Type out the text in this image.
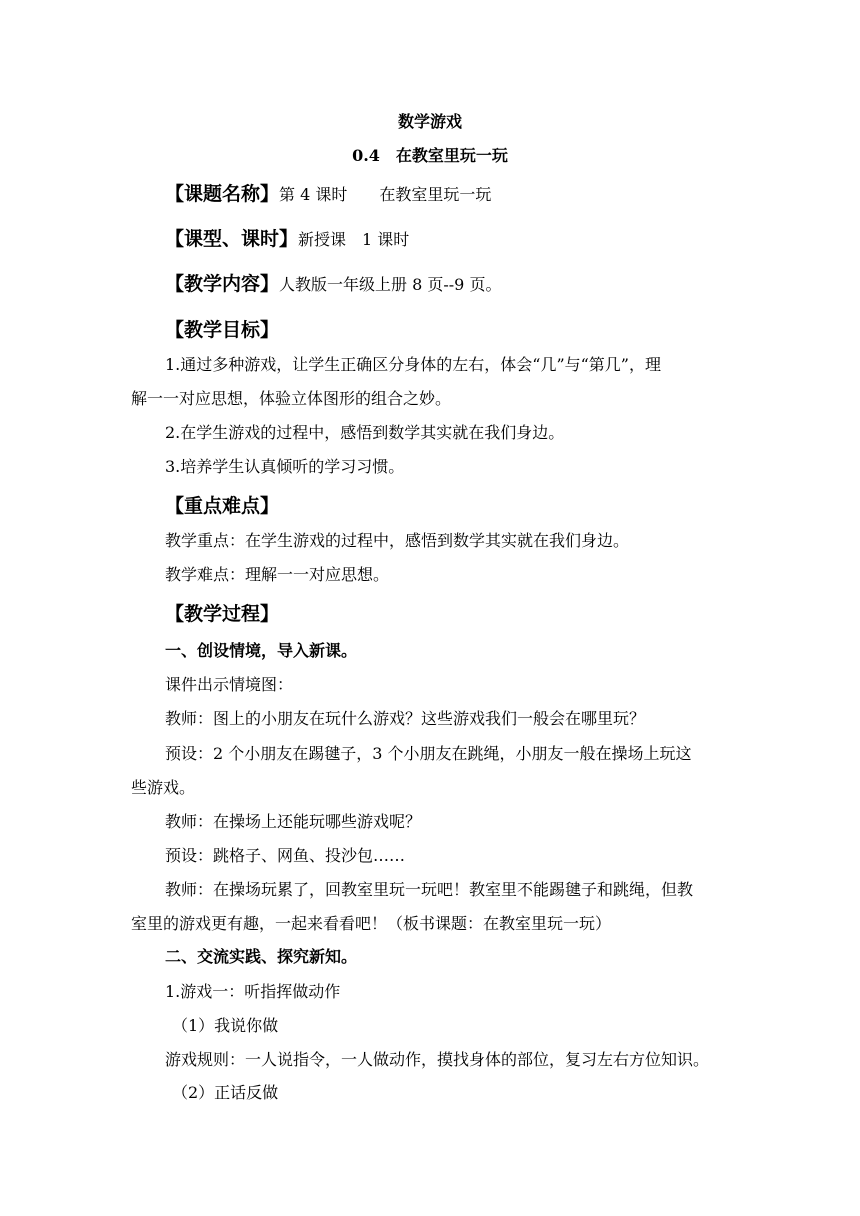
数学游戏
0.4　在教室里玩一玩
【课题名称】第 4 课时　　在教室里玩一玩
【课型、课时】新授课　1 课时
【教学内容】人教版一年级上册 8 页--9 页。
【教学目标】
1.通过多种游戏，让学生正确区分身体的左右，体会“几”与“第几”，理
解一一对应思想，体验立体图形的组合之妙。
2.在学生游戏的过程中，感悟到数学其实就在我们身边。
3.培养学生认真倾听的学习习惯。
【重点难点】
教学重点：在学生游戏的过程中，感悟到数学其实就在我们身边。
教学难点：理解一一对应思想。
【教学过程】
一、创设情境，导入新课。
课件出示情境图：
教师：图上的小朋友在玩什么游戏？这些游戏我们一般会在哪里玩？
预设：2 个小朋友在踢毽子，3 个小朋友在跳绳，小朋友一般在操场上玩这
些游戏。
教师：在操场上还能玩哪些游戏呢？
预设：跳格子、网鱼、投沙包……
教师：在操场玩累了，回教室里玩一玩吧！教室里不能踢毽子和跳绳，但教
室里的游戏更有趣，一起来看看吧！（板书课题：在教室里玩一玩）
二、交流实践、探究新知。
1.游戏一：听指挥做动作
（1）我说你做
游戏规则：一人说指令，一人做动作，摸找身体的部位，复习左右方位知识。
（2）正话反做
